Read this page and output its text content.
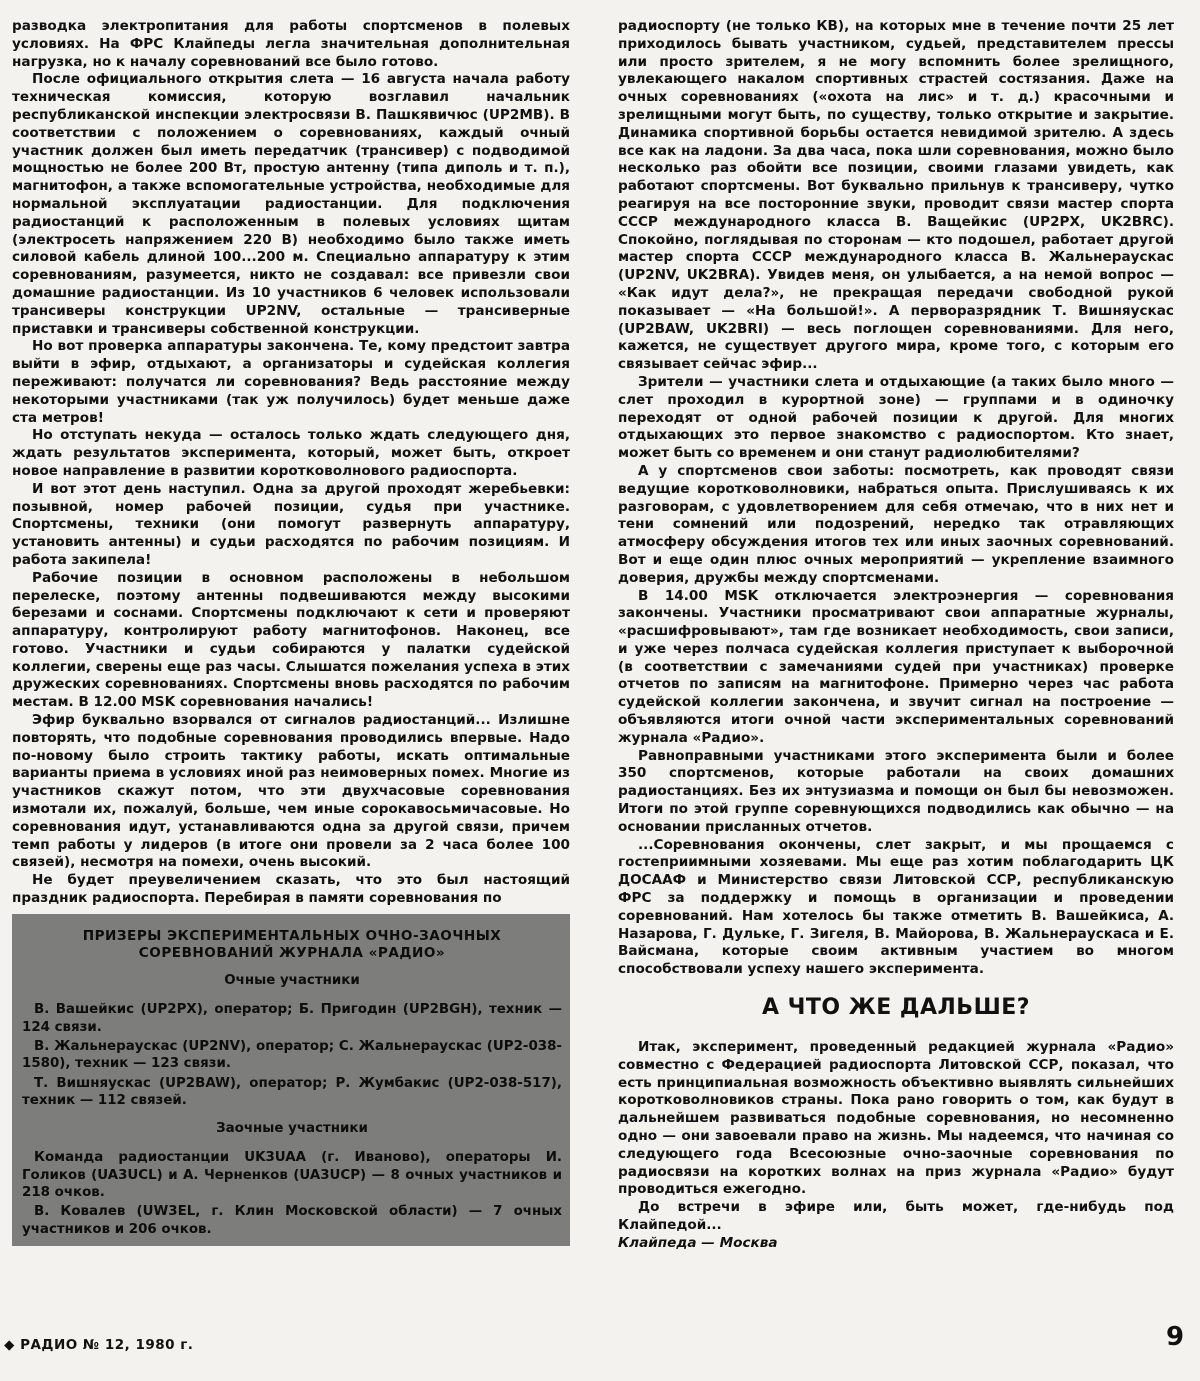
разводка электропитания для работы спортсменов в полевых условиях. На ФРС Клайпеды легла значительная дополнительная нагрузка, но к началу соревнований все было готово.

После официального открытия слета — 16 августа начала работу техническая комиссия, которую возглавил начальник республиканской инспекции электросвязи В. Пашкявичюс (UP2MB). В соответствии с положением о соревнованиях, каждый очный участник должен был иметь передатчик (трансивер) с подводимой мощностью не более 200 Вт, простую антенну (типа диполь и т. п.), магнитофон, а также вспомогательные устройства, необходимые для нормальной эксплуатации радиостанции. Для подключения радиостанций к расположенным в полевых условиях щитам (электросеть напряжением 220 В) необходимо было также иметь силовой кабель длиной 100...200 м. Специально аппаратуру к этим соревнованиям, разумеется, никто не создавал: все привезли свои домашние радиостанции. Из 10 участников 6 человек использовали трансиверы конструкции UP2NV, остальные — трансиверные приставки и трансиверы собственной конструкции.

Но вот проверка аппаратуры закончена. Те, кому предстоит завтра выйти в эфир, отдыхают, а организаторы и судейская коллегия переживают: получатся ли соревнования? Ведь расстояние между некоторыми участниками (так уж получилось) будет меньше даже ста метров!

Но отступать некуда — осталось только ждать следующего дня, ждать результатов эксперимента, который, может быть, откроет новое направление в развитии коротковолнового радиоспорта.

И вот этот день наступил. Одна за другой проходят жеребьевки: позывной, номер рабочей позиции, судья при участнике. Спортсмены, техники (они помогут развернуть аппаратуру, установить антенны) и судьи расходятся по рабочим позициям. И работа закипела!

Рабочие позиции в основном расположены в небольшом перелеске, поэтому антенны подвешиваются между высокими березами и соснами. Спортсмены подключают к сети и проверяют аппаратуру, контролируют работу магнитофонов. Наконец, все готово. Участники и судьи собираются у палатки судейской коллегии, сверены еще раз часы. Слышатся пожелания успеха в этих дружеских соревнованиях. Спортсмены вновь расходятся по рабочим местам. В 12.00 MSK соревнования начались!

Эфир буквально взорвался от сигналов радиостанций... Излишне повторять, что подобные соревнования проводились впервые. Надо по-новому было строить тактику работы, искать оптимальные варианты приема в условиях иной раз неимоверных помех. Многие из участников скажут потом, что эти двухчасовые соревнования измотали их, пожалуй, больше, чем иные сорокавосьмичасовые. Но соревнования идут, устанавливаются одна за другой связи, причем темп работы у лидеров (в итоге они провели за 2 часа более 100 связей), несмотря на помехи, очень высокий.

Не будет преувеличением сказать, что это был настоящий праздник радиоспорта. Перебирая в памяти соревнования по

ПРИЗЕРЫ ЭКСПЕРИМЕНТАЛЬНЫХ ОЧНО-ЗАОЧНЫХ СОРЕВНОВАНИЙ ЖУРНАЛА «РАДИО»

Очные участники

В. Вашейкис (UP2PX), оператор; Б. Пригодин (UP2BGH), техник — 124 связи.

В. Жальнераускас (UP2NV), оператор; С. Жальнераускас (UP2-038-1580), техник — 123 связи.

Т. Вишняускас (UP2BAW), оператор; Р. Жумбакис (UP2-038-517), техник — 112 связей.

Заочные участники

Команда радиостанции UK3UAA (г. Иваново), операторы И. Голиков (UA3UCL) и А. Черненков (UA3UCP) — 8 очных участников и 218 очков.

В. Ковалев (UW3EL, г. Клин Московской области) — 7 очных участников и 206 очков.

радиоспорту (не только КВ), на которых мне в течение почти 25 лет приходилось бывать участником, судьей, представителем прессы или просто зрителем, я не могу вспомнить более зрелищного, увлекающего накалом спортивных страстей состязания. Даже на очных соревнованиях («охота на лис» и т. д.) красочными и зрелищными могут быть, по существу, только открытие и закрытие. Динамика спортивной борьбы остается невидимой зрителю. А здесь все как на ладони. За два часа, пока шли соревнования, можно было несколько раз обойти все позиции, своими глазами увидеть, как работают спортсмены. Вот буквально прильнув к трансиверу, чутко реагируя на все посторонние звуки, проводит связи мастер спорта СССР международного класса В. Ващейкис (UP2PX, UK2BRC). Спокойно, поглядывая по сторонам — кто подошел, работает другой мастер спорта СССР международного класса В. Жальнераускас (UP2NV, UK2BRA). Увидев меня, он улыбается, а на немой вопрос — «Как идут дела?», не прекращая передачи свободной рукой показывает — «На большой!». А перворазрядник Т. Вишняускас (UP2BAW, UK2BRI) — весь поглощен соревнованиями. Для него, кажется, не существует другого мира, кроме того, с которым его связывает сейчас эфир...

Зрители — участники слета и отдыхающие (а таких было много — слет проходил в курортной зоне) — группами и в одиночку переходят от одной рабочей позиции к другой. Для многих отдыхающих это первое знакомство с радиоспортом. Кто знает, может быть со временем и они станут радиолюбителями?

А у спортсменов свои заботы: посмотреть, как проводят связи ведущие коротковолновики, набраться опыта. Прислушиваясь к их разговорам, с удовлетворением для себя отмечаю, что в них нет и тени сомнений или подозрений, нередко так отравляющих атмосферу обсуждения итогов тех или иных заочных соревнований. Вот и еще один плюс очных мероприятий — укрепление взаимного доверия, дружбы между спортсменами.

В 14.00 MSK отключается электроэнергия — соревнования закончены. Участники просматривают свои аппаратные журналы, «расшифровывают», там где возникает необходимость, свои записи, и уже через полчаса судейская коллегия приступает к выборочной (в соответствии с замечаниями судей при участниках) проверке отчетов по записям на магнитофоне. Примерно через час работа судейской коллегии закончена, и звучит сигнал на построение — объявляются итоги очной части экспериментальных соревнований журнала «Радио».

Равноправными участниками этого эксперимента были и более 350 спортсменов, которые работали на своих домашних радиостанциях. Без их энтузиазма и помощи он был бы невозможен. Итоги по этой группе соревнующихся подводились как обычно — на основании присланных отчетов.

...Соревнования окончены, слет закрыт, и мы прощаемся с гостеприимными хозяевами. Мы еще раз хотим поблагодарить ЦК ДОСААФ и Министерство связи Литовской ССР, республиканскую ФРС за поддержку и помощь в организации и проведении соревнований. Нам хотелось бы также отметить В. Вашейкиса, А. Назарова, Г. Дульке, Г. Зигеля, В. Майорова, В. Жальнераускаса и Е. Вайсмана, которые своим активным участием во многом способствовали успеху нашего эксперимента.

А ЧТО ЖЕ ДАЛЬШЕ?

Итак, эксперимент, проведенный редакцией журнала «Радио» совместно с Федерацией радиоспорта Литовской ССР, показал, что есть принципиальная возможность объективно выявлять сильнейших коротковолновиков страны. Пока рано говорить о том, как будут в дальнейшем развиваться подобные соревнования, но несомненно одно — они завоевали право на жизнь. Мы надеемся, что начиная со следующего года Всесоюзные очно-заочные соревнования по радиосвязи на коротких волнах на приз журнала «Радио» будут проводиться ежегодно.

До встречи в эфире или, быть может, где-нибудь под Клайпедой...

Клайпеда — Москва

◆ РАДИО № 12, 1980 г.	9
